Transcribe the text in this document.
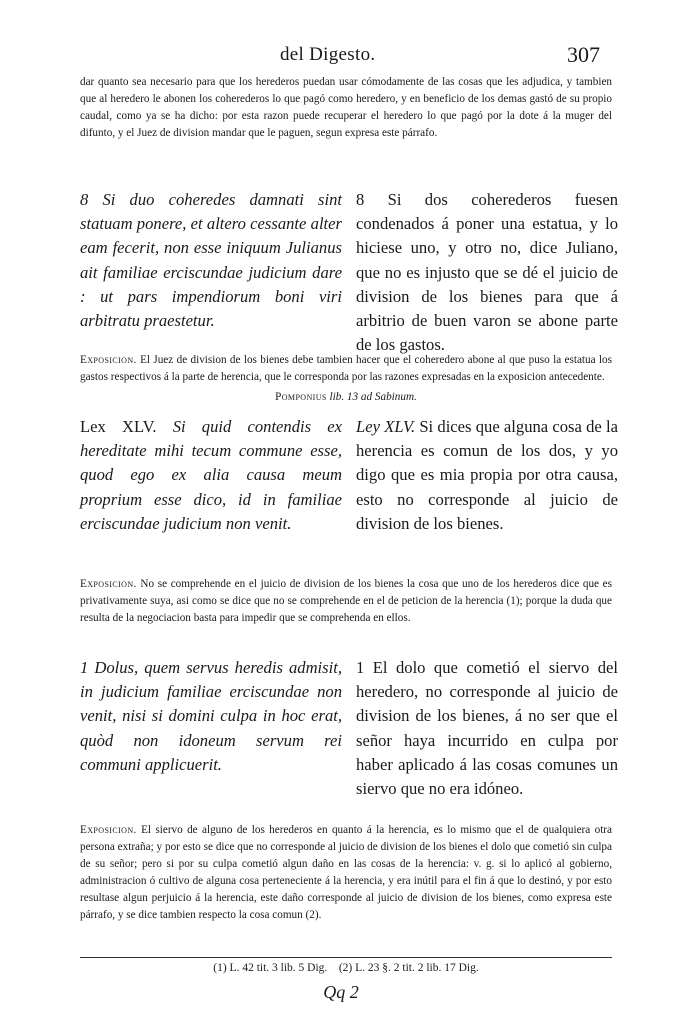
del Digesto.	307

dar quanto sea necesario para que los herederos puedan usar cómodamente de las cosas que les adjudica, y tambien que al heredero le abonen los coherederos lo que pagó como heredero, y en beneficio de los demas gastó de su propio caudal, como ya se ha dicho: por esta razon puede recuperar el heredero lo que pagó por la dote á la muger del difunto, y el Juez de division mandar que le paguen, segun expresa este párrafo.

8 Si duo coheredes damnati sint statuam ponere, et altero cessante alter eam fecerit, non esse iniquum Julianus ait familiae erciscundae judicium dare : ut pars impendiorum boni viri arbitratu praestetur.

8 Si dos coherederos fuesen condenados á poner una estatua, y lo hiciese uno, y otro no, dice Juliano, que no es injusto que se dé el juicio de division de los bienes para que á arbitrio de buen varon se abone parte de los gastos.

Exposicion. El Juez de division de los bienes debe tambien hacer que el coheredero abone al que puso la estatua los gastos respectivos á la parte de herencia, que le corresponda por las razones expresadas en la exposicion antecedente.

Pomponius lib. 13 ad Sabinum.

Lex XLV. Si quid contendis ex hereditate mihi tecum commune esse, quod ego ex alia causa meum proprium esse dico, id in familiae erciscundae judicium non venit.

Ley XLV. Si dices que alguna cosa de la herencia es comun de los dos, y yo digo que es mia propia por otra causa, esto no corresponde al juicio de division de los bienes.

Exposicion. No se comprehende en el juicio de division de los bienes la cosa que uno de los herederos dice que es privativamente suya, asi como se dice que no se comprehende en el de peticion de la herencia (1); porque la duda que resulta de la negociacion basta para impedir que se comprehenda en ellos.

1 Dolus, quem servus heredis admisit, in judicium familiae erciscundae non venit, nisi si domini culpa in hoc erat, quòd non idoneum servum rei communi applicuerit.

1 El dolo que cometió el siervo del heredero, no corresponde al juicio de division de los bienes, á no ser que el señor haya incurrido en culpa por haber aplicado á las cosas comunes un siervo que no era idóneo.

Exposicion. El siervo de alguno de los herederos en quanto á la herencia, es lo mismo que el de qualquiera otra persona extraña; y por esto se dice que no corresponde al juicio de division de los bienes el dolo que cometió sin culpa de su señor; pero si por su culpa cometió algun daño en las cosas de la herencia: v. g. si lo aplicó al gobierno, administracion ó cultivo de alguna cosa perteneciente á la herencia, y era inútil para el fin á que lo destinó, y por esto resultase algun perjuicio á la herencia, este daño corresponde al juicio de division de los bienes, como expresa este párrafo, y se dice tambien respecto la cosa comun (2).

(1) L. 42 tit. 3 lib. 5 Dig. (2) L. 23 §. 2 tit. 2 lib. 17 Dig.
Qq 2
